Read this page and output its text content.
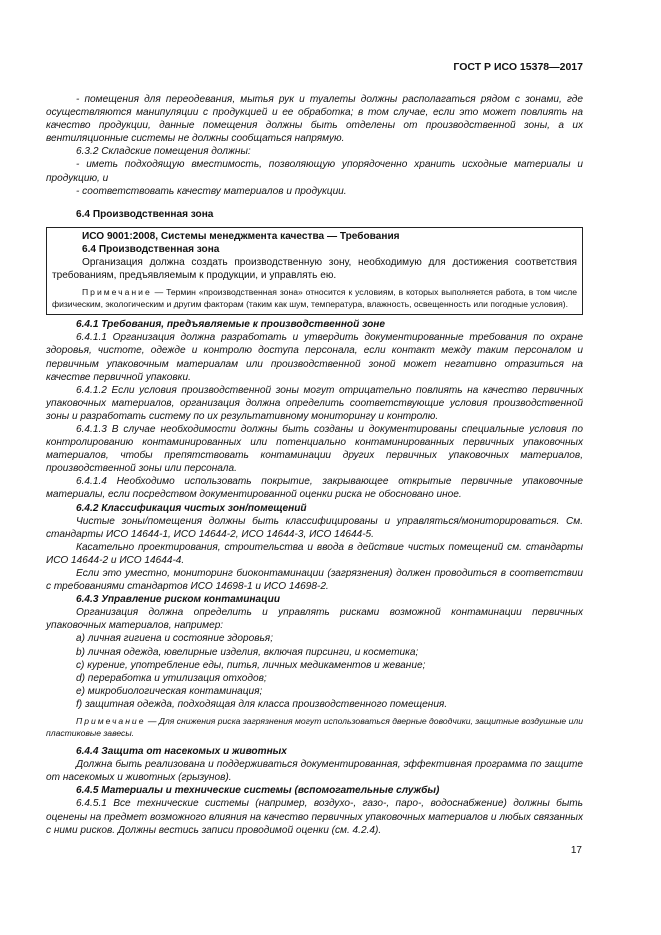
ГОСТ Р ИСО 15378—2017

- помещения для переодевания, мытья рук и туалеты должны располагаться рядом с зонами, где осуществляются манипуляции с продукцией и ее обработка; в том случае, если это может повлиять на качество продукции, данные помещения должны быть отделены от производственной зоны, а их вентиляционные системы не должны сообщаться напрямую.

6.3.2 Складские помещения должны:

- иметь подходящую вместимость, позволяющую упорядоченно хранить исходные материалы и продукцию, и

- соответствовать качеству материалов и продукции.

6.4 Производственная зона

ИСО 9001:2008, Системы менеджмента качества — Требования

6.4 Производственная зона

Организация должна создать производственную зону, необходимую для достижения соответствия требованиям, предъявляемым к продукции, и управлять ею.

Примечание — Термин «производственная зона» относится к условиям, в которых выполняется работа, в том числе физическим, экологическим и другим факторам (таким как шум, температура, влажность, освещенность или погодные условия).

6.4.1 Требования, предъявляемые к производственной зоне

6.4.1.1 Организация должна разработать и утвердить документированные требования по охране здоровья, чистоте, одежде и контролю доступа персонала, если контакт между таким персоналом и первичным упаковочным материалам или производственной зоной может негативно отразиться на качестве первичной упаковки.

6.4.1.2 Если условия производственной зоны могут отрицательно повлиять на качество первичных упаковочных материалов, организация должна определить соответствующие условия производственной зоны и разработать систему по их результативному мониторингу и контролю.

6.4.1.3 В случае необходимости должны быть созданы и документированы специальные условия по контролированию контаминированных или потенциально контаминированных первичных упаковочных материалов, чтобы препятствовать контаминации других первичных упаковочных материалов, производственной зоны или персонала.

6.4.1.4 Необходимо использовать покрытие, закрывающее открытые первичные упаковочные материалы, если посредством документированной оценки риска не обосновано иное.

6.4.2 Классификация чистых зон/помещений

Чистые зоны/помещения должны быть классифицированы и управляться/мониторироваться. См. стандарты ИСО 14644-1, ИСО 14644-2, ИСО 14644-3, ИСО 14644-5.

Касательно проектирования, строительства и ввода в действие чистых помещений см. стандарты ИСО 14644-2 и ИСО 14644-4.

Если это уместно, мониторинг биоконтаминации (загрязнения) должен проводиться в соответствии с требованиями стандартов ИСО 14698-1 и ИСО 14698-2.

6.4.3 Управление риском контаминации

Организация должна определить и управлять рисками возможной контаминации первичных упаковочных материалов, например:

а) личная гигиена и состояние здоровья;

b) личная одежда, ювелирные изделия, включая пирсинги, и косметика;

с) курение, употребление еды, питья, личных медикаментов и жевание;

d) переработка и утилизация отходов;

е) микробиологическая контаминация;

f) защитная одежда, подходящая для класса производственного помещения.

Примечание — Для снижения риска загрязнения могут использоваться дверные доводчики, защитные воздушные или пластиковые завесы.

6.4.4 Защита от насекомых и животных

Должна быть реализована и поддерживаться документированная, эффективная программа по защите от насекомых и животных (грызунов).

6.4.5 Материалы и технические системы (вспомогательные службы)

6.4.5.1 Все технические системы (например, воздухо-, газо-, паро-, водоснабжение) должны быть оценены на предмет возможного влияния на качество первичных упаковочных материалов и любых связанных с ними рисков. Должны вестись записи проводимой оценки (см. 4.2.4).

17
